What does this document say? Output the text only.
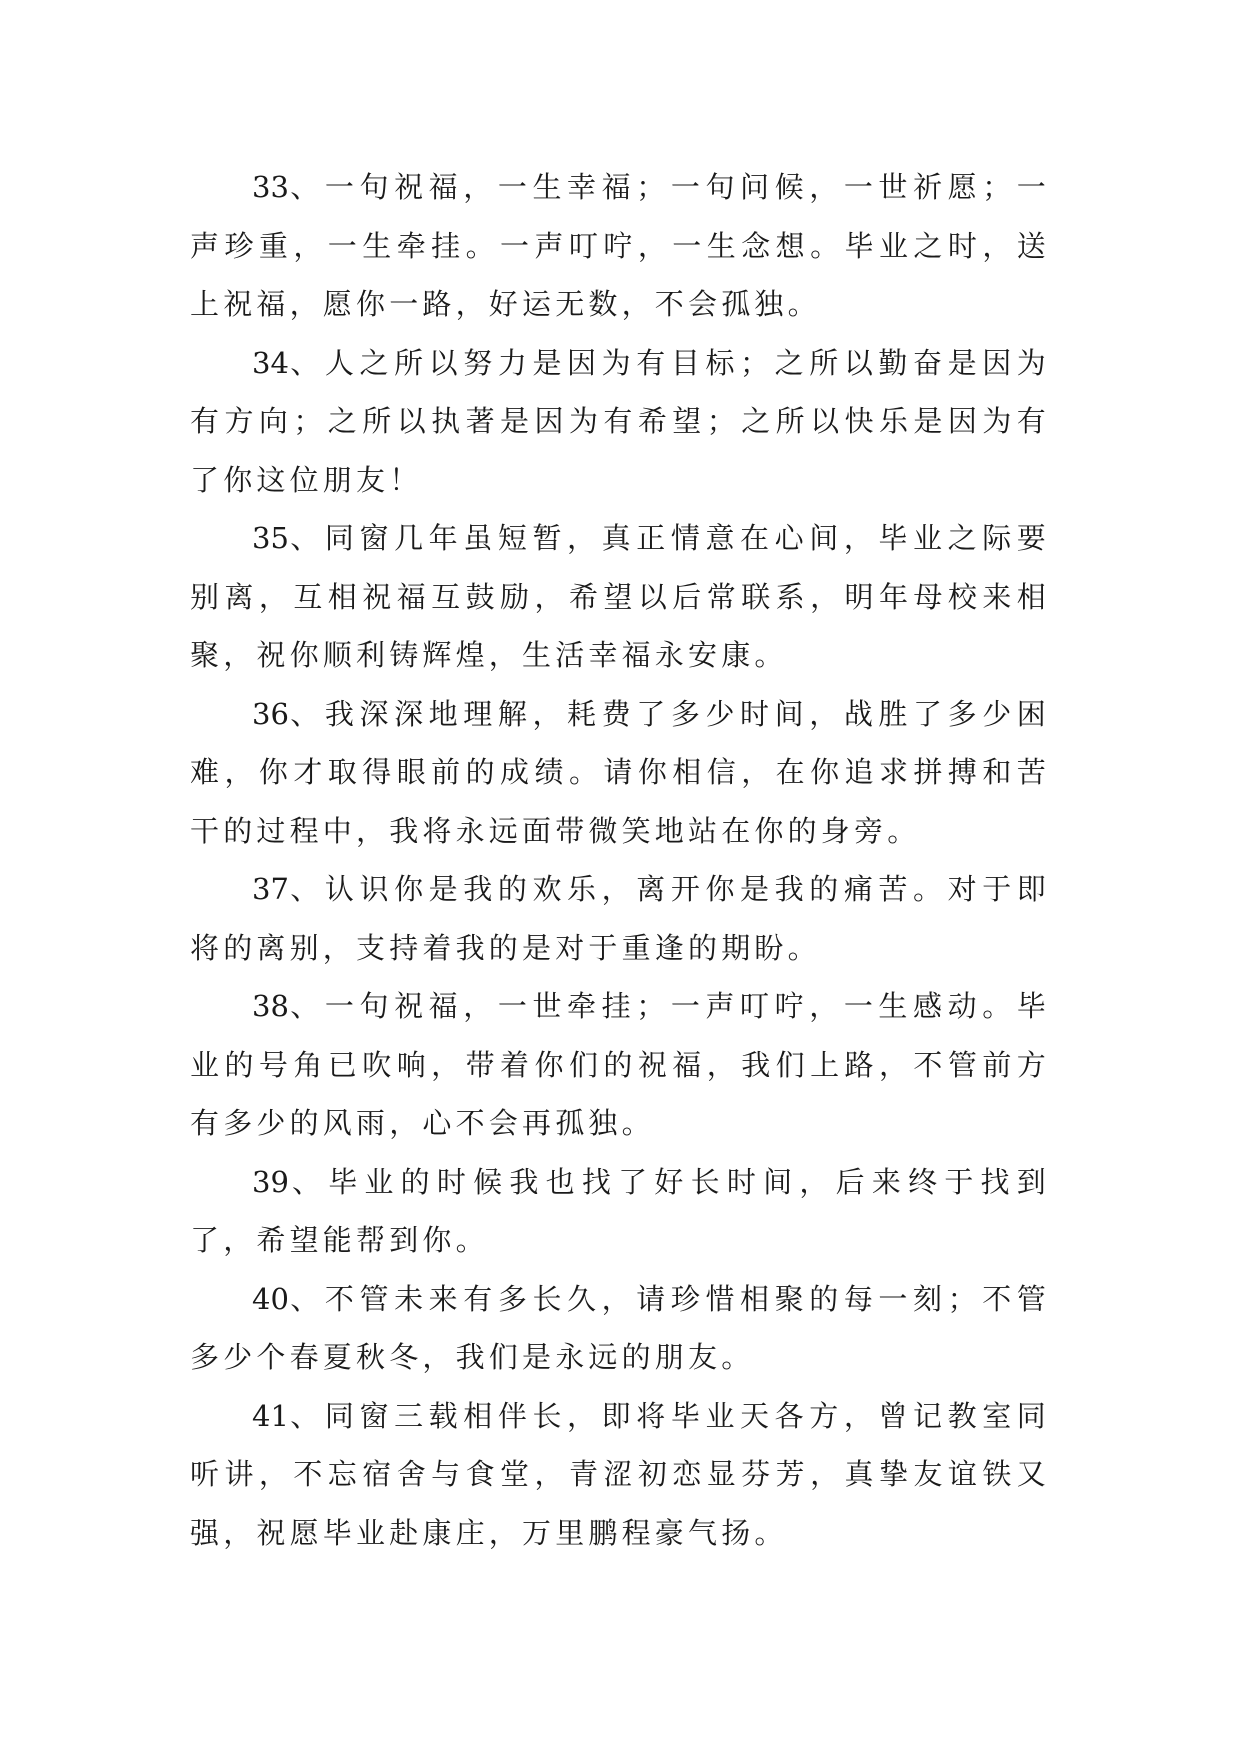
33、一句祝福，一生幸福；一句问候，一世祈愿；一声珍重，一生牵挂。一声叮咛，一生念想。毕业之时，送上祝福，愿你一路，好运无数，不会孤独。

34、人之所以努力是因为有目标；之所以勤奋是因为有方向；之所以执著是因为有希望；之所以快乐是因为有了你这位朋友！

35、同窗几年虽短暂，真正情意在心间，毕业之际要别离，互相祝福互鼓励，希望以后常联系，明年母校来相聚，祝你顺利铸辉煌，生活幸福永安康。

36、我深深地理解，耗费了多少时间，战胜了多少困难，你才取得眼前的成绩。请你相信，在你追求拼搏和苦干的过程中，我将永远面带微笑地站在你的身旁。

37、认识你是我的欢乐，离开你是我的痛苦。对于即将的离别，支持着我的是对于重逢的期盼。

38、一句祝福，一世牵挂；一声叮咛，一生感动。毕业的号角已吹响，带着你们的祝福，我们上路，不管前方有多少的风雨，心不会再孤独。

39、毕业的时候我也找了好长时间，后来终于找到了，希望能帮到你。

40、不管未来有多长久，请珍惜相聚的每一刻；不管多少个春夏秋冬，我们是永远的朋友。

41、同窗三载相伴长，即将毕业天各方，曾记教室同听讲，不忘宿舍与食堂，青涩初恋显芬芳，真挚友谊铁又强，祝愿毕业赴康庄，万里鹏程豪气扬。
